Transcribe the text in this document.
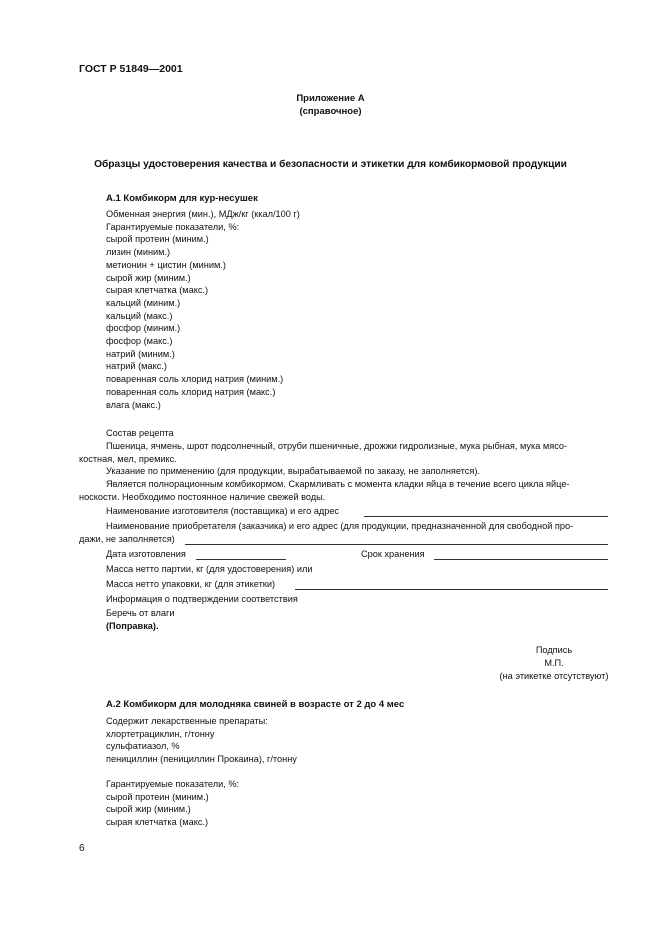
ГОСТ Р 51849—2001
Приложение А
(справочное)
Образцы удостоверения качества и безопасности и этикетки для комбикормовой продукции
А.1 Комбикорм для кур-несушек
Обменная энергия (мин.), МДж/кг (ккал/100 г)
Гарантируемые показатели, %:
сырой протеин (миним.)
лизин (миним.)
метионин + цистин (миним.)
сырой жир (миним.)
сырая клетчатка (макс.)
кальций (миним.)
кальций (макс.)
фосфор (миним.)
фосфор (макс.)
натрий (миним.)
натрий (макс.)
поваренная соль хлорид натрия (миним.)
поваренная соль хлорид натрия (макс.)
влага (макс.)
Состав рецепта
Пшеница, ячмень, шрот подсолнечный, отруби пшеничные, дрожжи гидролизные, мука рыбная, мука мясо-
костная, мел, премикс.
Указание по применению (для продукции, вырабатываемой по заказу, не заполняется).
Является полнорационным комбикормом. Скармливать с момента кладки яйца в течение всего цикла яйце-
носкости. Необходимо постоянное наличие свежей воды.
Наименование изготовителя (поставщика) и его адрес
Наименование приобретателя (заказчика) и его адрес (для продукции, предназначенной для свободной про-
дажи, не заполняется)
Дата изготовления	Срок хранения
Масса нетто партии, кг (для удостоверения) или
Масса нетто упаковки, кг (для этикетки)
Информация о подтверждении соответствия
Беречь от влаги
(Поправка).
Подпись
М.П.
(на этикетке отсутствуют)
А.2 Комбикорм для молодняка свиней в возрасте от 2 до 4 мес
Содержит лекарственные препараты:
хлортетрациклин, г/тонну
сульфатиазол, %
пенициллин (пенициллин Прокаина), г/тонну
Гарантируемые показатели, %:
сырой протеин (миним.)
сырой жир (миним.)
сырая клетчатка (макс.)
6
